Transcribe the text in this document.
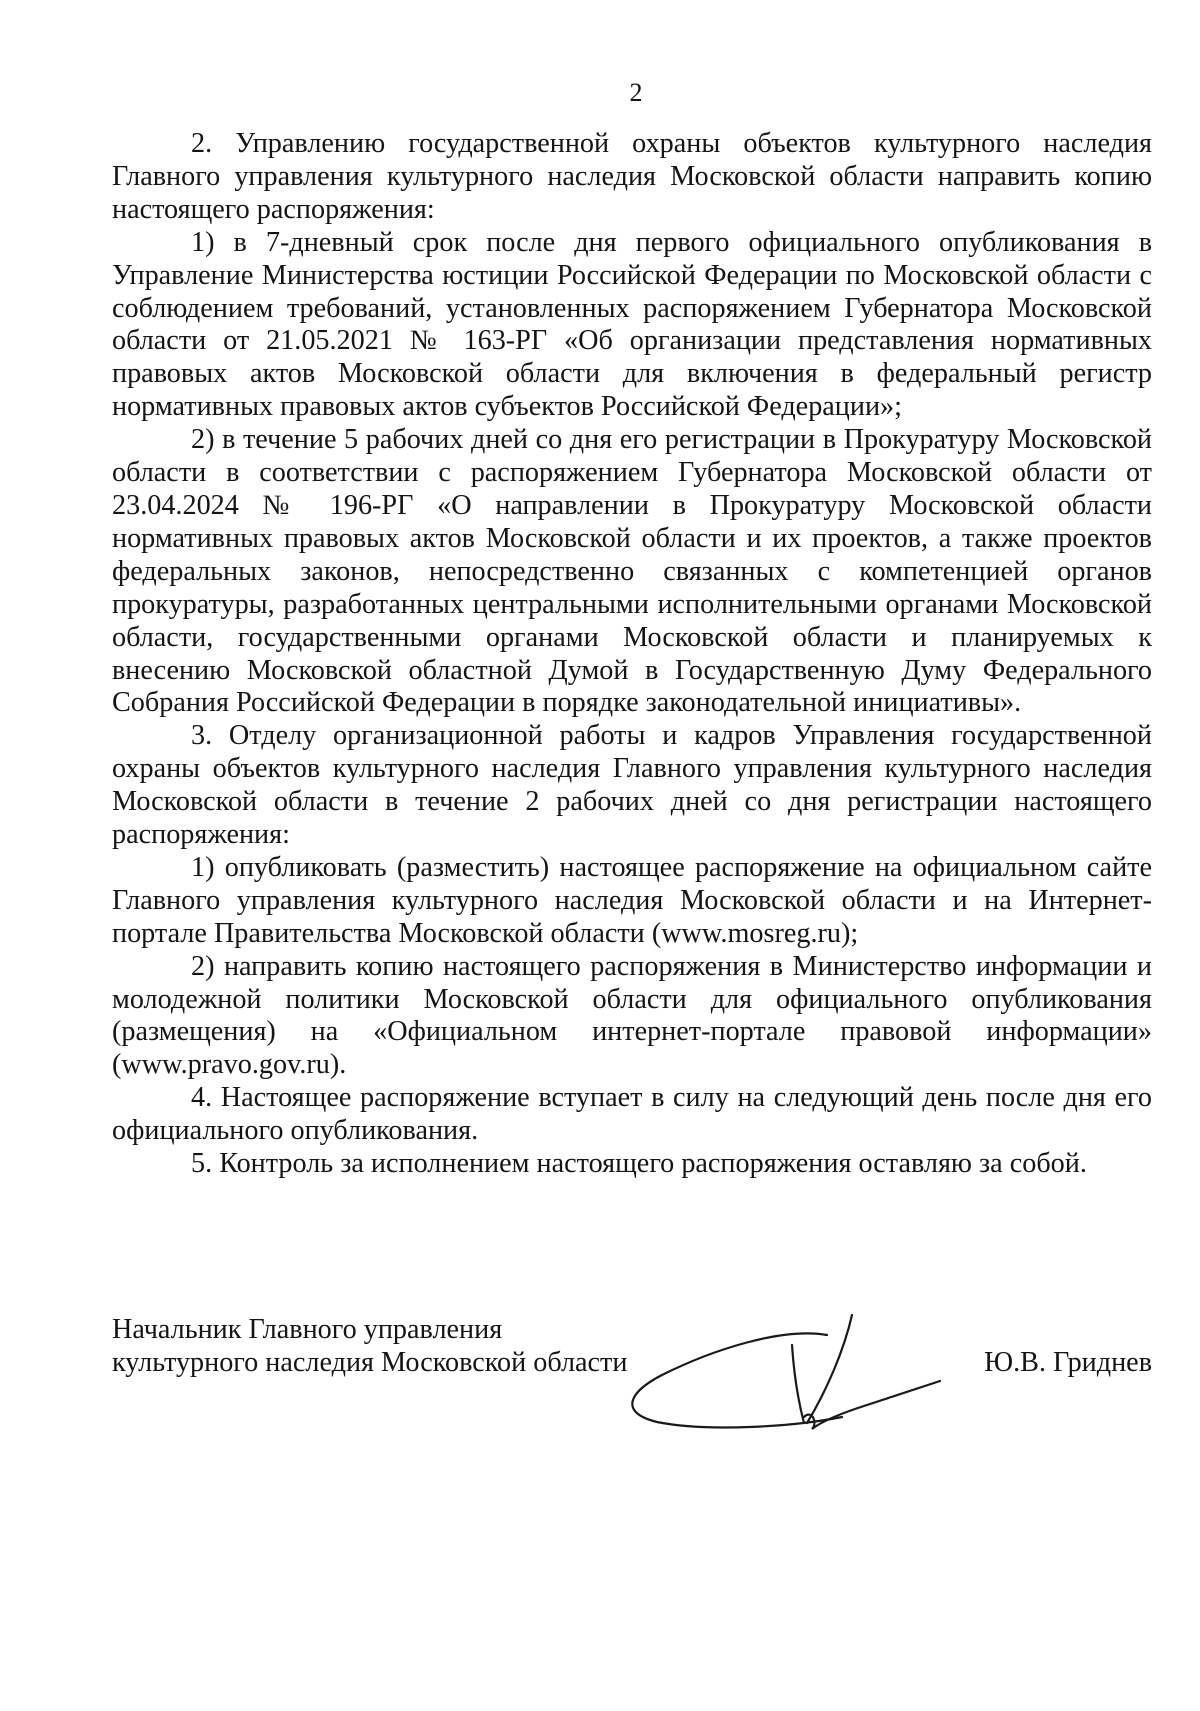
2

2. Управлению государственной охраны объектов культурного наследия Главного управления культурного наследия Московской области направить копию настоящего распоряжения:

1) в 7-дневный срок после дня первого официального опубликования в Управление Министерства юстиции Российской Федерации по Московской области с соблюдением требований, установленных распоряжением Губернатора Московской области от 21.05.2021 № 163-РГ «Об организации представления нормативных правовых актов Московской области для включения в федеральный регистр нормативных правовых актов субъектов Российской Федерации»;

2) в течение 5 рабочих дней со дня его регистрации в Прокуратуру Московской области в соответствии с распоряжением Губернатора Московской области от 23.04.2024 № 196-РГ «О направлении в Прокуратуру Московской области нормативных правовых актов Московской области и их проектов, а также проектов федеральных законов, непосредственно связанных с компетенцией органов прокуратуры, разработанных центральными исполнительными органами Московской области, государственными органами Московской области и планируемых к внесению Московской областной Думой в Государственную Думу Федерального Собрания Российской Федерации в порядке законодательной инициативы».

3. Отделу организационной работы и кадров Управления государственной охраны объектов культурного наследия Главного управления культурного наследия Московской области в течение 2 рабочих дней со дня регистрации настоящего распоряжения:

1) опубликовать (разместить) настоящее распоряжение на официальном сайте Главного управления культурного наследия Московской области и на Интернет-портале Правительства Московской области (www.mosreg.ru);

2) направить копию настоящего распоряжения в Министерство информации и молодежной политики Московской области для официального опубликования (размещения) на «Официальном интернет-портале правовой информации» (www.pravo.gov.ru).

4. Настоящее распоряжение вступает в силу на следующий день после дня его официального опубликования.

5. Контроль за исполнением настоящего распоряжения оставляю за собой.

Начальник Главного управления
культурного наследия Московской области	Ю.В. Гриднев
